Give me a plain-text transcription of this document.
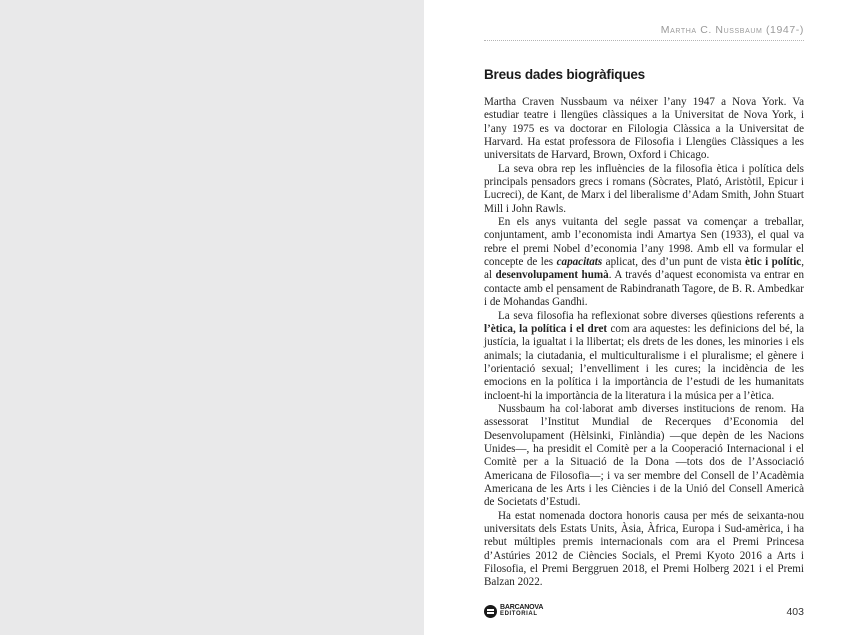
Martha C. Nussbaum (1947-)
Breus dades biogràfiques

Martha Craven Nussbaum va néixer l’any 1947 a Nova York. Va estudiar teatre i llengües clàssiques a la Universitat de Nova York, i l’any 1975 es va doctorar en Filologia Clàssica a la Universitat de Harvard. Ha estat professora de Filosofia i Llengües Clàssiques a les universitats de Harvard, Brown, Oxford i Chicago.

La seva obra rep les influències de la filosofia ètica i política dels principals pensadors grecs i romans (Sòcrates, Plató, Aristòtil, Epicur i Lucreci), de Kant, de Marx i del liberalisme d’Adam Smith, John Stuart Mill i John Rawls.

En els anys vuitanta del segle passat va començar a treballar, conjuntament, amb l’economista indi Amartya Sen (1933), el qual va rebre el premi Nobel d’economia l’any 1998. Amb ell va formular el concepte de les capacitats aplicat, des d’un punt de vista ètic i polític, al desenvolupament humà. A través d’aquest economista va entrar en contacte amb el pensament de Rabindranath Tagore, de B. R. Ambedkar i de Mohandas Gandhi.

La seva filosofia ha reflexionat sobre diverses qüestions referents a l’ètica, la política i el dret com ara aquestes: les definicions del bé, la justícia, la igualtat i la llibertat; els drets de les dones, les minories i els animals; la ciutadania, el multiculturalisme i el pluralisme; el gènere i l’orientació sexual; l’envelliment i les cures; la incidència de les emocions en la política i la importància de l’estudi de les humanitats incloent-hi la importància de la literatura i la música per a l’ètica.

Nussbaum ha col·laborat amb diverses institucions de renom. Ha assessorat l’Institut Mundial de Recerques d’Economia del Desenvolupament (Hèlsinki, Finlàndia) —que depèn de les Nacions Unides—, ha presidit el Comitè per a la Cooperació Internacional i el Comitè per a la Situació de la Dona —tots dos de l’Associació Americana de Filosofia—; i va ser membre del Consell de l’Acadèmia Americana de les Arts i les Ciències i de la Unió del Consell Americà de Societats d’Estudi.

Ha estat nomenada doctora honoris causa per més de seixanta-nou universitats dels Estats Units, Àsia, Àfrica, Europa i Sud-amèrica, i ha rebut múltiples premis internacionals com ara el Premi Princesa d’Astúries 2012 de Ciències Socials, el Premi Kyoto 2016 a Arts i Filosofia, el Premi Berggruen 2018, el Premi Holberg 2021 i el Premi Balzan 2022.

BARCANOVA
EDITORIAL	403
